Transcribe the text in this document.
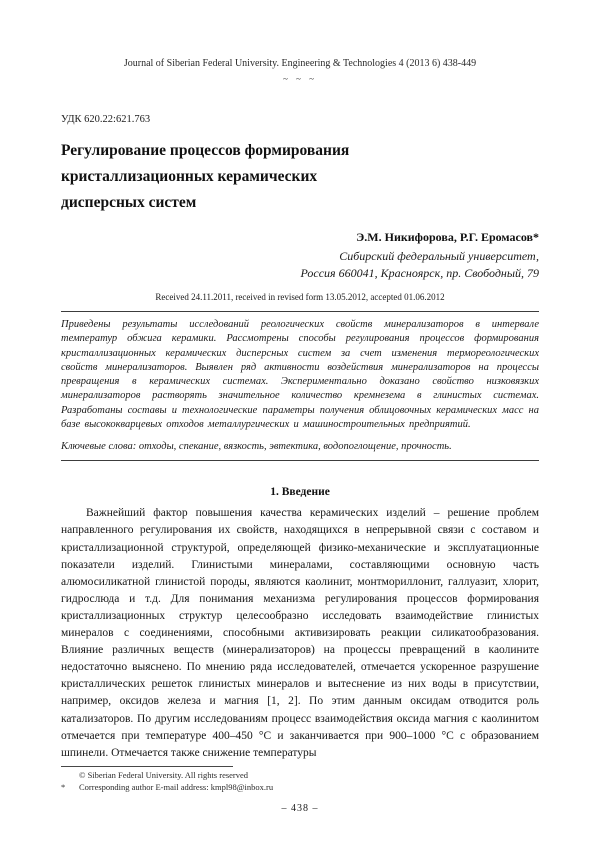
Journal of Siberian Federal University. Engineering & Technologies 4 (2013 6) 438-449
~ ~ ~
УДК 620.22:621.763
Регулирование процессов формирования
кристаллизационных керамических
дисперсных систем
Э.М. Никифорова, Р.Г. Еромасов*
Сибирский федеральный университет,
Россия 660041, Красноярск, пр. Свободный, 79
Received 24.11.2011, received in revised form 13.05.2012, accepted 01.06.2012
Приведены результаты исследований реологических свойств минерализаторов в интервале температур обжига керамики. Рассмотрены способы регулирования процессов формирования кристаллизационных керамических дисперсных систем за счет изменения термореологических свойств минерализаторов. Выявлен ряд активности воздействия минерализаторов на процессы превращения в керамических системах. Экспериментально доказано свойство низковязких минерализаторов растворять значительное количество кремнезема в глинистых системах. Разработаны составы и технологические параметры получения облицовочных керамических масс на базе высококварцевых отходов металлургических и машиностроительных предприятий.
Ключевые слова: отходы, спекание, вязкость, эвтектика, водопоглощение, прочность.
1. Введение
Важнейший фактор повышения качества керамических изделий – решение проблем направленного регулирования их свойств, находящихся в непрерывной связи с составом и кристаллизационной структурой, определяющей физико-механические и эксплуатационные показатели изделий. Глинистыми минералами, составляющими основную часть алюмосиликатной глинистой породы, являются каолинит, монтмориллонит, галлуазит, хлорит, гидрослюда и т.д. Для понимания механизма регулирования процессов формирования кристаллизационных структур целесообразно исследовать взаимодействие глинистых минералов с соединениями, способными активизировать реакции силикатообразования. Влияние различных веществ (минерализаторов) на процессы превращений в каолините недостаточно выяснено. По мнению ряда исследователей, отмечается ускоренное разрушение кристаллических решеток глинистых минералов и вытеснение из них воды в присутствии, например, оксидов железа и магния [1, 2]. По этим данным оксидам отводится роль катализаторов. По другим исследованиям процесс взаимодействия оксида магния с каолинитом отмечается при температуре 400–450 °С и заканчивается при 900–1000 °С с образованием шпинели. Отмечается также снижение температуры
© Siberian Federal University. All rights reserved
*	Corresponding author E-mail address: kmpl98@inbox.ru
– 438 –
